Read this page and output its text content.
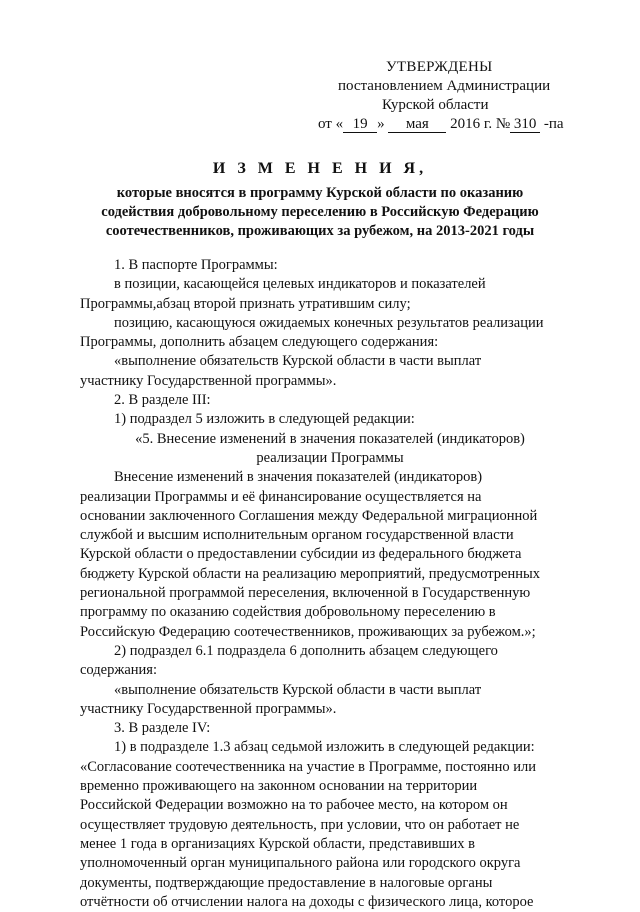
УТВЕРЖДЕНЫ
постановлением Администрации
Курской области
от « 19 » мая 2016 г. № 310 -па
И З М Е Н Е Н И Я,
которые вносятся в программу Курской области по оказанию
содействия добровольному переселению в Российскую Федерацию
соотечественников, проживающих за рубежом, на 2013-2021 годы

1. В паспорте Программы:

в позиции, касающейся целевых индикаторов и показателей

Программы,абзац второй признать утратившим силу;

позицию, касающуюся ожидаемых конечных результатов реализации

Программы, дополнить абзацем следующего содержания:

«выполнение обязательств Курской области в части выплат

участнику Государственной программы».

2. В разделе III:

1) подраздел 5 изложить в следующей редакции:

«5. Внесение изменений в значения показателей (индикаторов)

реализации Программы

Внесение изменений в значения показателей (индикаторов)

реализации Программы и её финансирование осуществляется на

основании заключенного Соглашения между Федеральной миграционной

службой и высшим исполнительным органом государственной власти

Курской области о предоставлении субсидии из федерального бюджета

бюджету Курской области на реализацию мероприятий, предусмотренных

региональной программой переселения, включенной в Государственную

программу по оказанию содействия добровольному переселению в

Российскую Федерацию соотечественников, проживающих за рубежом.»;

2) подраздел 6.1 подраздела 6 дополнить абзацем следующего

содержания:

«выполнение обязательств Курской области в части выплат

участнику Государственной программы».

3. В разделе IV:

1) в подразделе 1.3 абзац седьмой изложить в следующей редакции:

«Согласование соотечественника на участие в Программе, постоянно или

временно проживающего на законном основании на территории

Российской Федерации возможно на то рабочее место, на котором он

осуществляет трудовую деятельность, при условии, что он работает не

менее 1 года в организациях Курской области, представивших в

уполномоченный орган муниципального района или городского округа

документы, подтверждающие предоставление в налоговые органы

отчётности об отчислении налога на доходы с физического лица, которое
